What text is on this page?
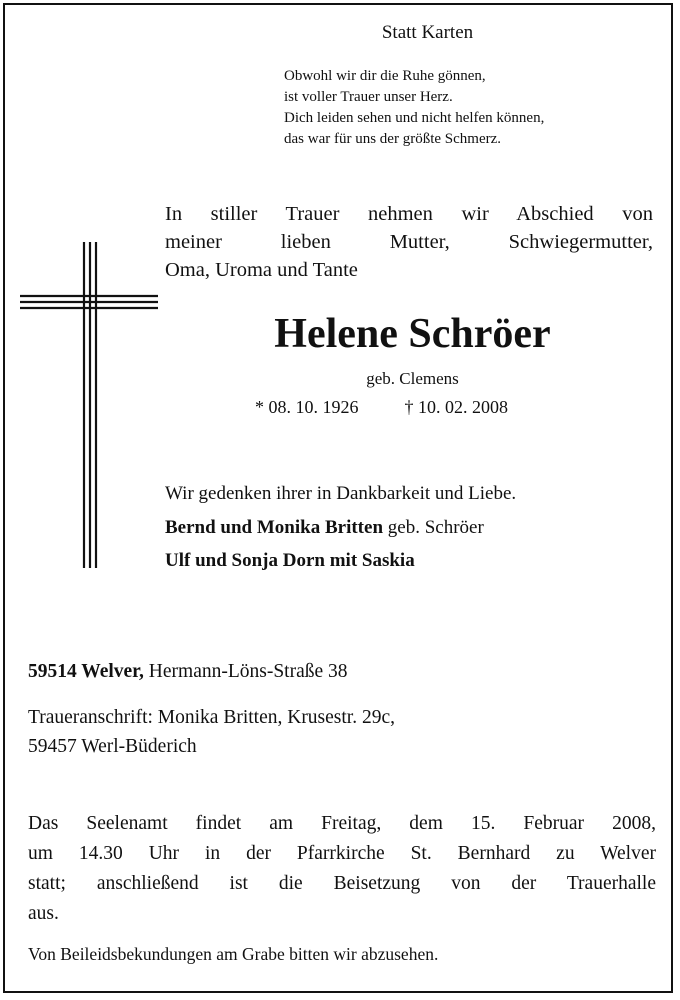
Statt Karten
Obwohl wir dir die Ruhe gönnen,
ist voller Trauer unser Herz.
Dich leiden sehen und nicht helfen können,
das war für uns der größte Schmerz.
In stiller Trauer nehmen wir Abschied von
meiner lieben Mutter, Schwiegermutter,
Oma, Uroma und Tante
Helene Schröer
geb. Clemens
* 08. 10. 1926	† 10. 02. 2008
Wir gedenken ihrer in Dankbarkeit und Liebe.
Bernd und Monika Britten geb. Schröer
Ulf und Sonja Dorn mit Saskia
59514 Welver, Hermann-Löns-Straße 38
Traueranschrift: Monika Britten, Krusestr. 29c,
59457 Werl-Büderich
Das Seelenamt findet am Freitag, dem 15. Februar 2008,
um 14.30 Uhr in der Pfarrkirche St. Bernhard zu Welver
statt; anschließend ist die Beisetzung von der Trauerhalle
aus.
Von Beileidsbekundungen am Grabe bitten wir abzusehen.
